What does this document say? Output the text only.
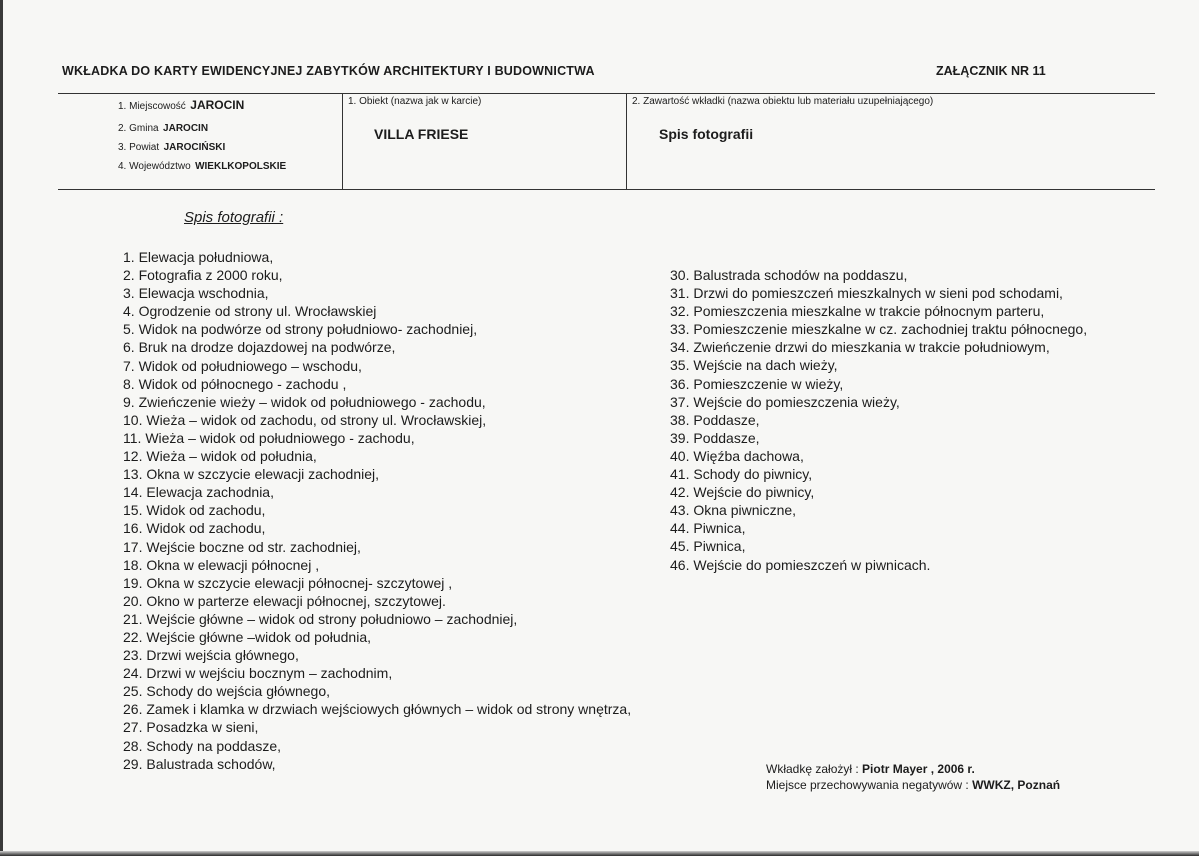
WKŁADKA DO KARTY EWIDENCYJNEJ ZABYTKÓW ARCHITEKTURY I BUDOWNICTWA	ZAŁĄCZNIK NR 11
1. Miejscowość JAROCIN
2. Gmina JAROCIN
3. Powiat JAROCIŃSKI
4. Województwo WIEKLKOPOLSKIE
1. Obiekt (nazwa jak w karcie)
VILLA FRIESE
2. Zawartość wkładki (nazwa obiektu lub materiału uzupełniającego)
Spis fotografii
Spis fotografii :
1. Elewacja południowa,
2. Fotografia z 2000 roku,
3. Elewacja wschodnia,
4. Ogrodzenie od strony ul. Wrocławskiej
5. Widok na podwórze od strony południowo- zachodniej,
6. Bruk na drodze dojazdowej na podwórze,
7. Widok od południowego – wschodu,
8. Widok od północnego - zachodu ,
9. Zwieńczenie wieży – widok od południowego - zachodu,
10. Wieża – widok od zachodu, od strony ul. Wrocławskiej,
11. Wieża – widok od południowego - zachodu,
12. Wieża – widok od południa,
13. Okna w szczycie elewacji zachodniej,
14. Elewacja zachodnia,
15. Widok od zachodu,
16. Widok od zachodu,
17. Wejście boczne od str. zachodniej,
18. Okna w elewacji północnej ,
19. Okna w szczycie elewacji północnej- szczytowej ,
20. Okno w parterze elewacji północnej, szczytowej.
21. Wejście główne – widok od strony południowo – zachodniej,
22. Wejście główne –widok od południa,
23. Drzwi wejścia głównego,
24. Drzwi w wejściu bocznym – zachodnim,
25. Schody do wejścia głównego,
26. Zamek i klamka w drzwiach wejściowych głównych – widok od strony wnętrza,
27. Posadzka w sieni,
28. Schody na poddasze,
29. Balustrada schodów,
30. Balustrada schodów na poddaszu,
31. Drzwi do pomieszczeń mieszkalnych w sieni pod schodami,
32. Pomieszczenia mieszkalne w trakcie północnym parteru,
33. Pomieszczenie mieszkalne w cz. zachodniej traktu północnego,
34. Zwieńczenie drzwi do mieszkania w trakcie południowym,
35. Wejście na dach wieży,
36. Pomieszczenie w wieży,
37. Wejście do pomieszczenia wieży,
38. Poddasze,
39. Poddasze,
40. Więźba dachowa,
41. Schody do piwnicy,
42. Wejście do piwnicy,
43. Okna piwniczne,
44. Piwnica,
45. Piwnica,
46. Wejście do pomieszczeń w piwnicach.
Wkładkę założył : Piotr Mayer , 2006 r.
Miejsce przechowywania negatywów : WWKZ, Poznań
